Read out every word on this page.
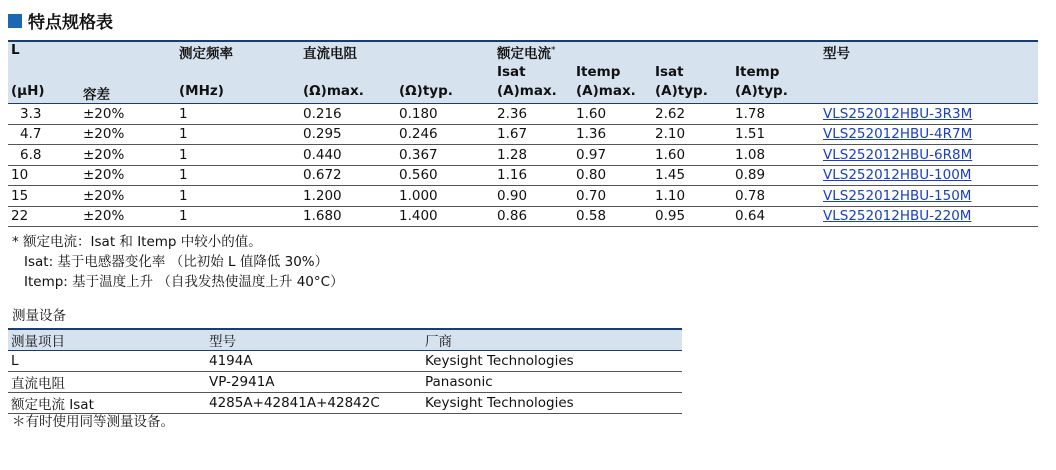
特点规格表
L		测定频率	直流电阻		额定电流*				型号
					Isat	Itemp	Isat	Itemp	
(μH)	容差	(MHz)	(Ω)max.	(Ω)typ.	(A)max.	(A)max.	(A)typ.	(A)typ.	
3.3	±20%	1	0.216	0.180	2.36	1.60	2.62	1.78	VLS252012HBU-3R3M
4.7	±20%	1	0.295	0.246	1.67	1.36	2.10	1.51	VLS252012HBU-4R7M
6.8	±20%	1	0.440	0.367	1.28	0.97	1.60	1.08	VLS252012HBU-6R8M
10	±20%	1	0.672	0.560	1.16	0.80	1.45	0.89	VLS252012HBU-100M
15	±20%	1	1.200	1.000	0.90	0.70	1.10	0.78	VLS252012HBU-150M
22	±20%	1	1.680	1.400	0.86	0.58	0.95	0.64	VLS252012HBU-220M
* 额定电流：Isat 和 Itemp 中较小的值。
Isat: 基于电感器变化率 （比初始 L 值降低 30%）
Itemp: 基于温度上升 （自我发热使温度上升 40°C）
测量设备
测量项目	型号	厂商
L	4194A	Keysight Technologies
直流电阻	VP-2941A	Panasonic
额定电流 Isat	4285A+42841A+42842C	Keysight Technologies
＊有时使用同等测量设备。
